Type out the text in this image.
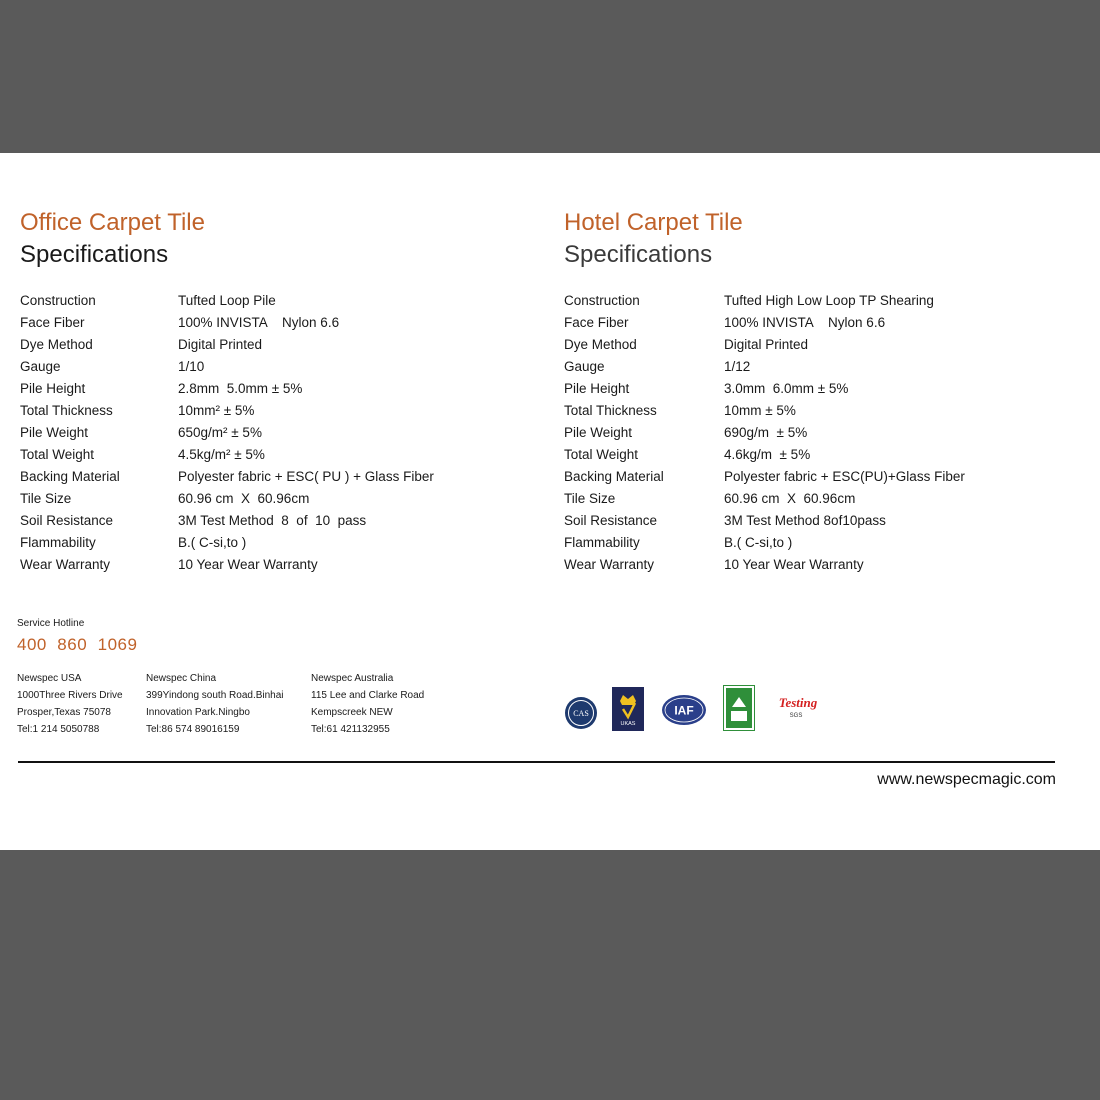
Office Carpet Tile
Specifications
Construction	Tufted Loop Pile
Face Fiber	100% INVISTA    Nylon 6.6
Dye Method	Digital Printed
Gauge	1/10
Pile Height	2.8mm  5.0mm ± 5%
Total Thickness	10mm² ± 5%
Pile Weight	650g/m² ± 5%
Total Weight	4.5kg/m² ± 5%
Backing Material	Polyester fabric + ESC( PU ) + Glass Fiber
Tile Size	60.96 cm  X  60.96cm
Soil Resistance	3M Test Method  8  of  10  pass
Flammability	B.( C-si,to )
Wear Warranty	10 Year Wear Warranty
Hotel Carpet Tile
Specifications
Construction	Tufted High Low Loop TP Shearing
Face Fiber	100% INVISTA    Nylon 6.6
Dye Method	Digital Printed
Gauge	1/12
Pile Height	3.0mm  6.0mm ± 5%
Total Thickness	10mm ± 5%
Pile Weight	690g/m  ± 5%
Total Weight	4.6kg/m  ± 5%
Backing Material	Polyester fabric + ESC(PU)+Glass Fiber
Tile Size	60.96 cm  X  60.96cm
Soil Resistance	3M Test Method 8of10pass
Flammability	B.( C-si,to )
Wear Warranty	10 Year Wear Warranty
Service Hotline
400  860  1069
Newspec USA
1000Three Rivers Drive
Prosper,Texas 75078
Tel:1 214 5050788
Newspec China
399Yindong south Road.Binhai
Innovation Park.Ningbo
Tel:86 574 89016159
Newspec Australia
115 Lee and Clarke Road
Kempscreek NEW
Tel:61 421132955
CAS
UKAS
IAF
Testing
SGS
www.newspecmagic.com
